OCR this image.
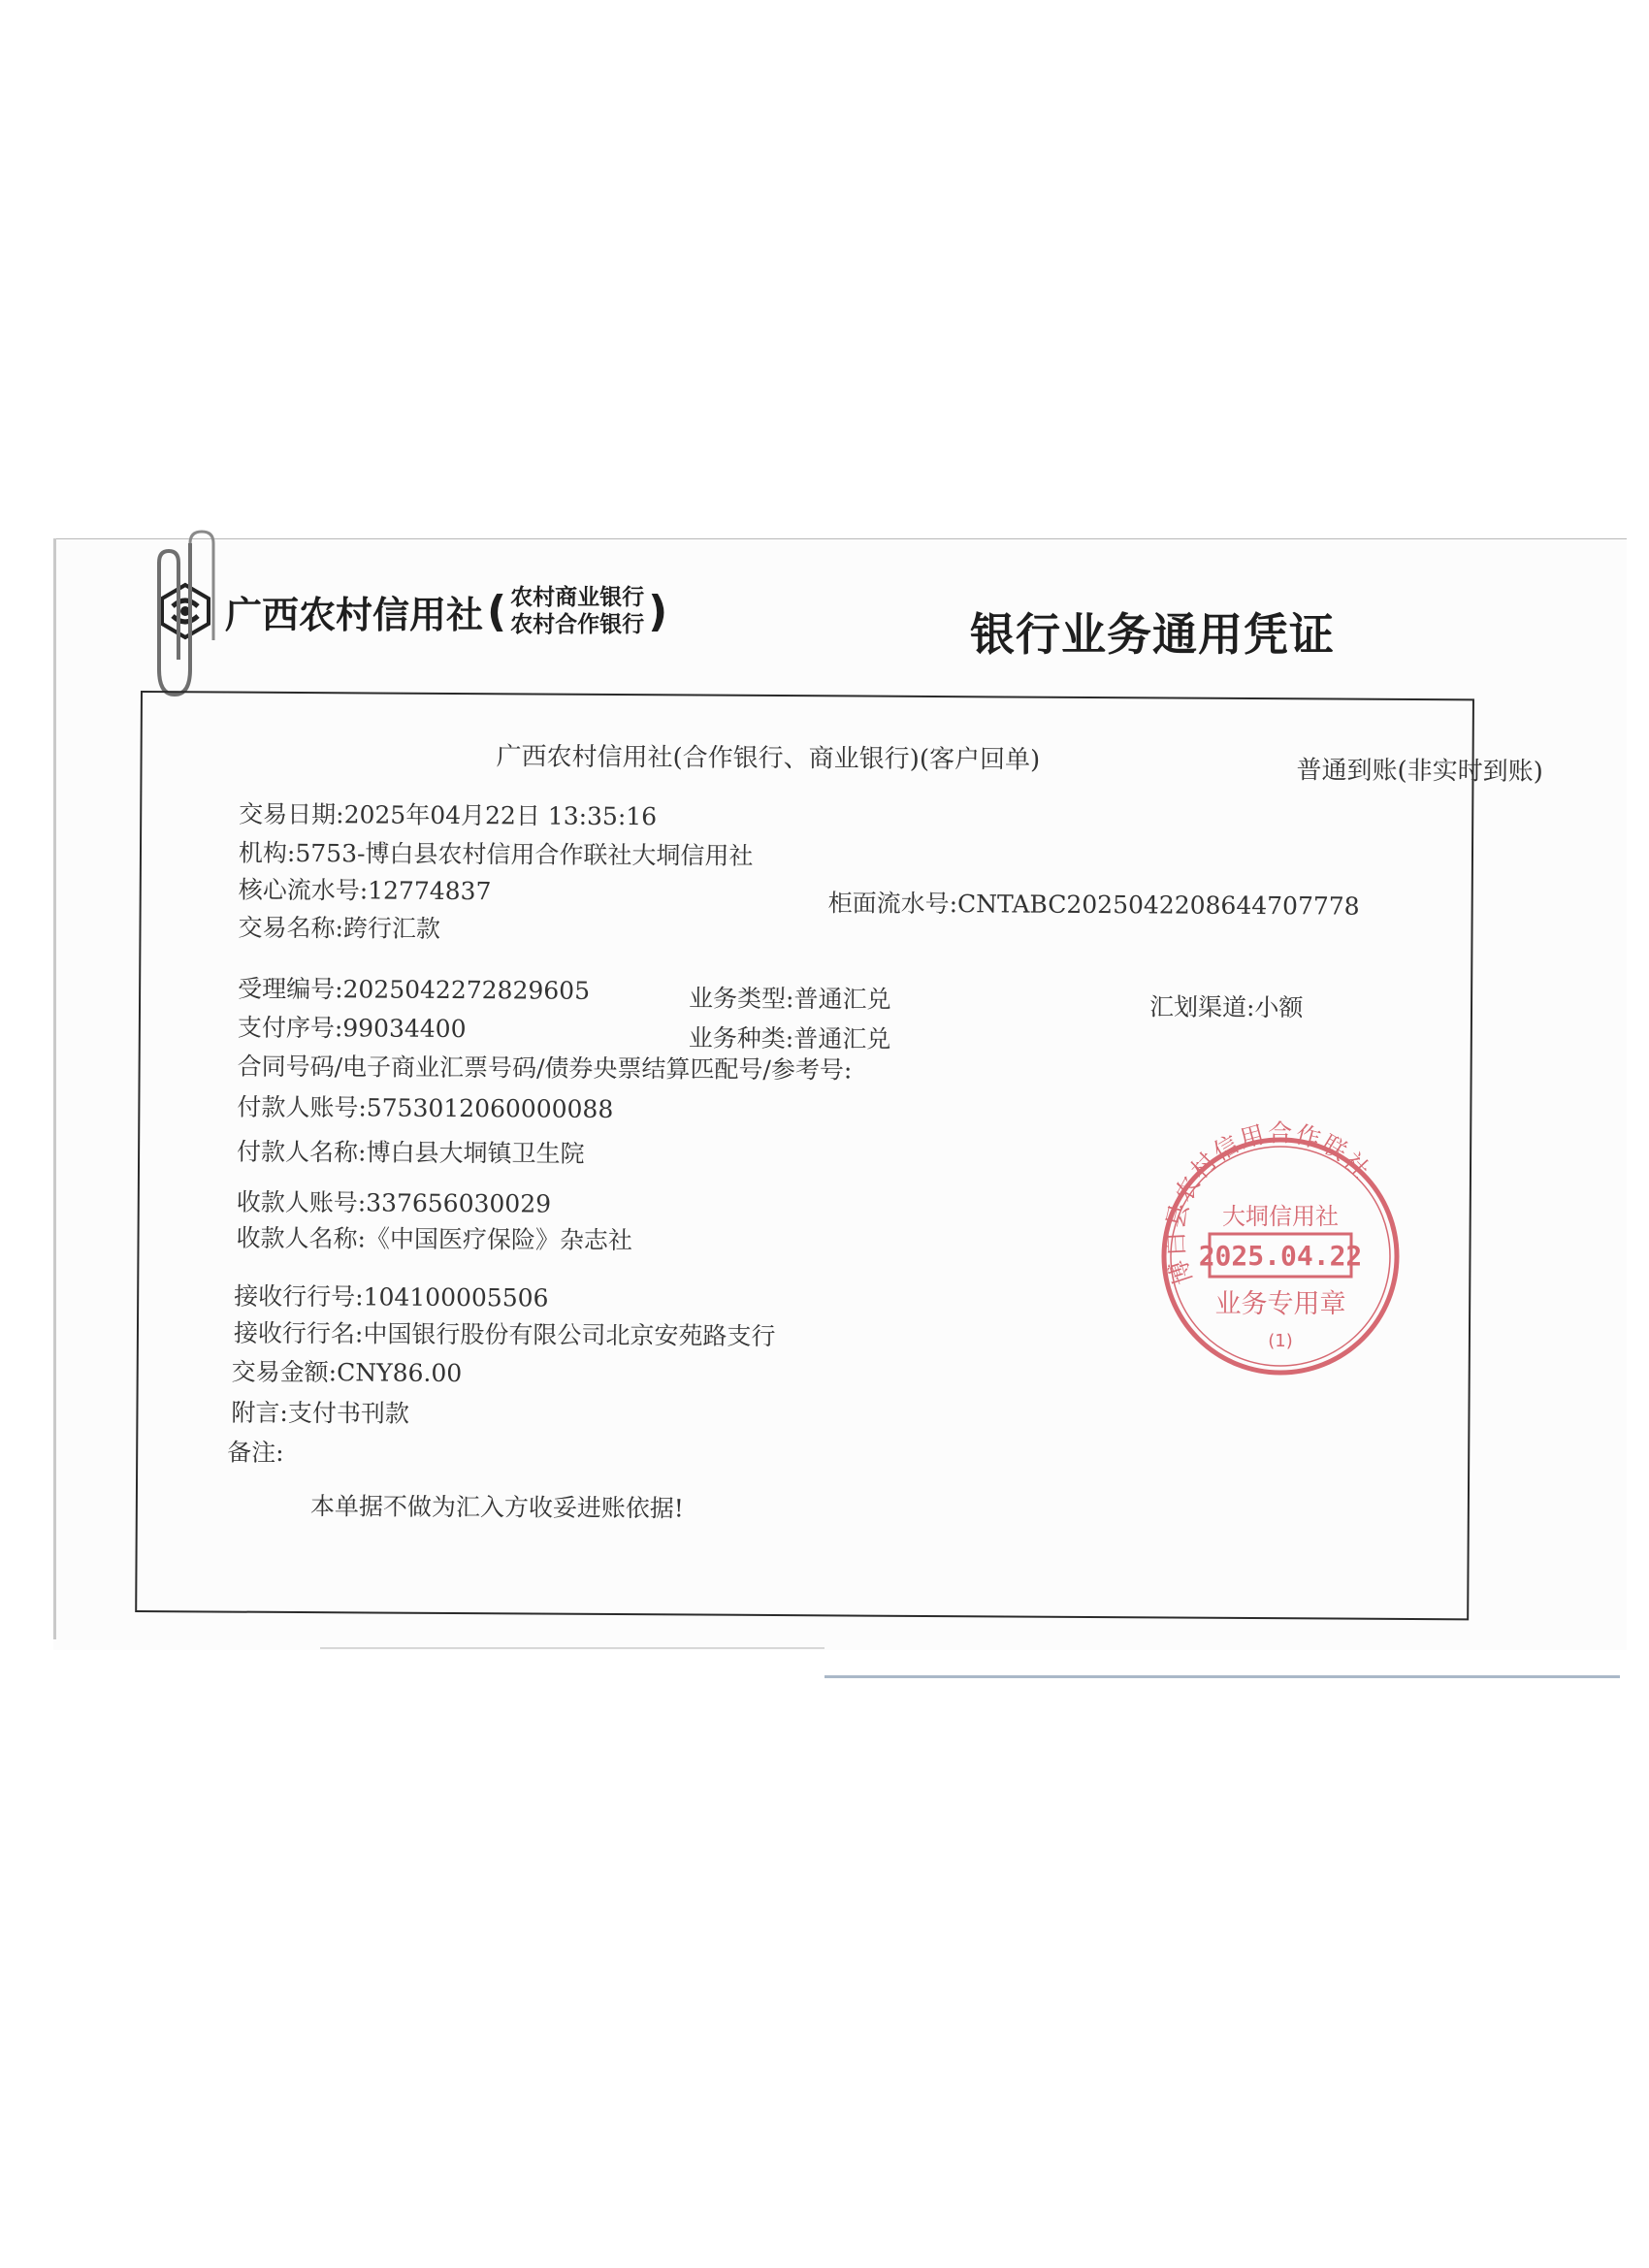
广西农村信用社 ( 农村商业银行
农村合作银行 )	银行业务通用凭证
广西农村信用社(合作银行、商业银行)(客户回单)	普通到账(非实时到账)
交易日期:2025年04月22日 13:35:16
机构:5753-博白县农村信用合作联社大垌信用社
核心流水号:12774837	柜面流水号:CNTABC2025042208644707778
交易名称:跨行汇款
受理编号:2025042272829605	业务类型:普通汇兑	汇划渠道:小额
支付序号:99034400	业务种类:普通汇兑
合同号码/电子商业汇票号码/债券央票结算匹配号/参考号:
付款人账号:5753012060000088
付款人名称:博白县大垌镇卫生院
收款人账号:337656030029
收款人名称:《中国医疗保险》杂志社
接收行行号:104100005506
接收行行名:中国银行股份有限公司北京安苑路支行
交易金额:CNY86.00
附言:支付书刊款
备注:
本单据不做为汇入方收妥进账依据!
博白县农村信用合作联社
大垌信用社
2025.04.22
业务专用章
(1)
